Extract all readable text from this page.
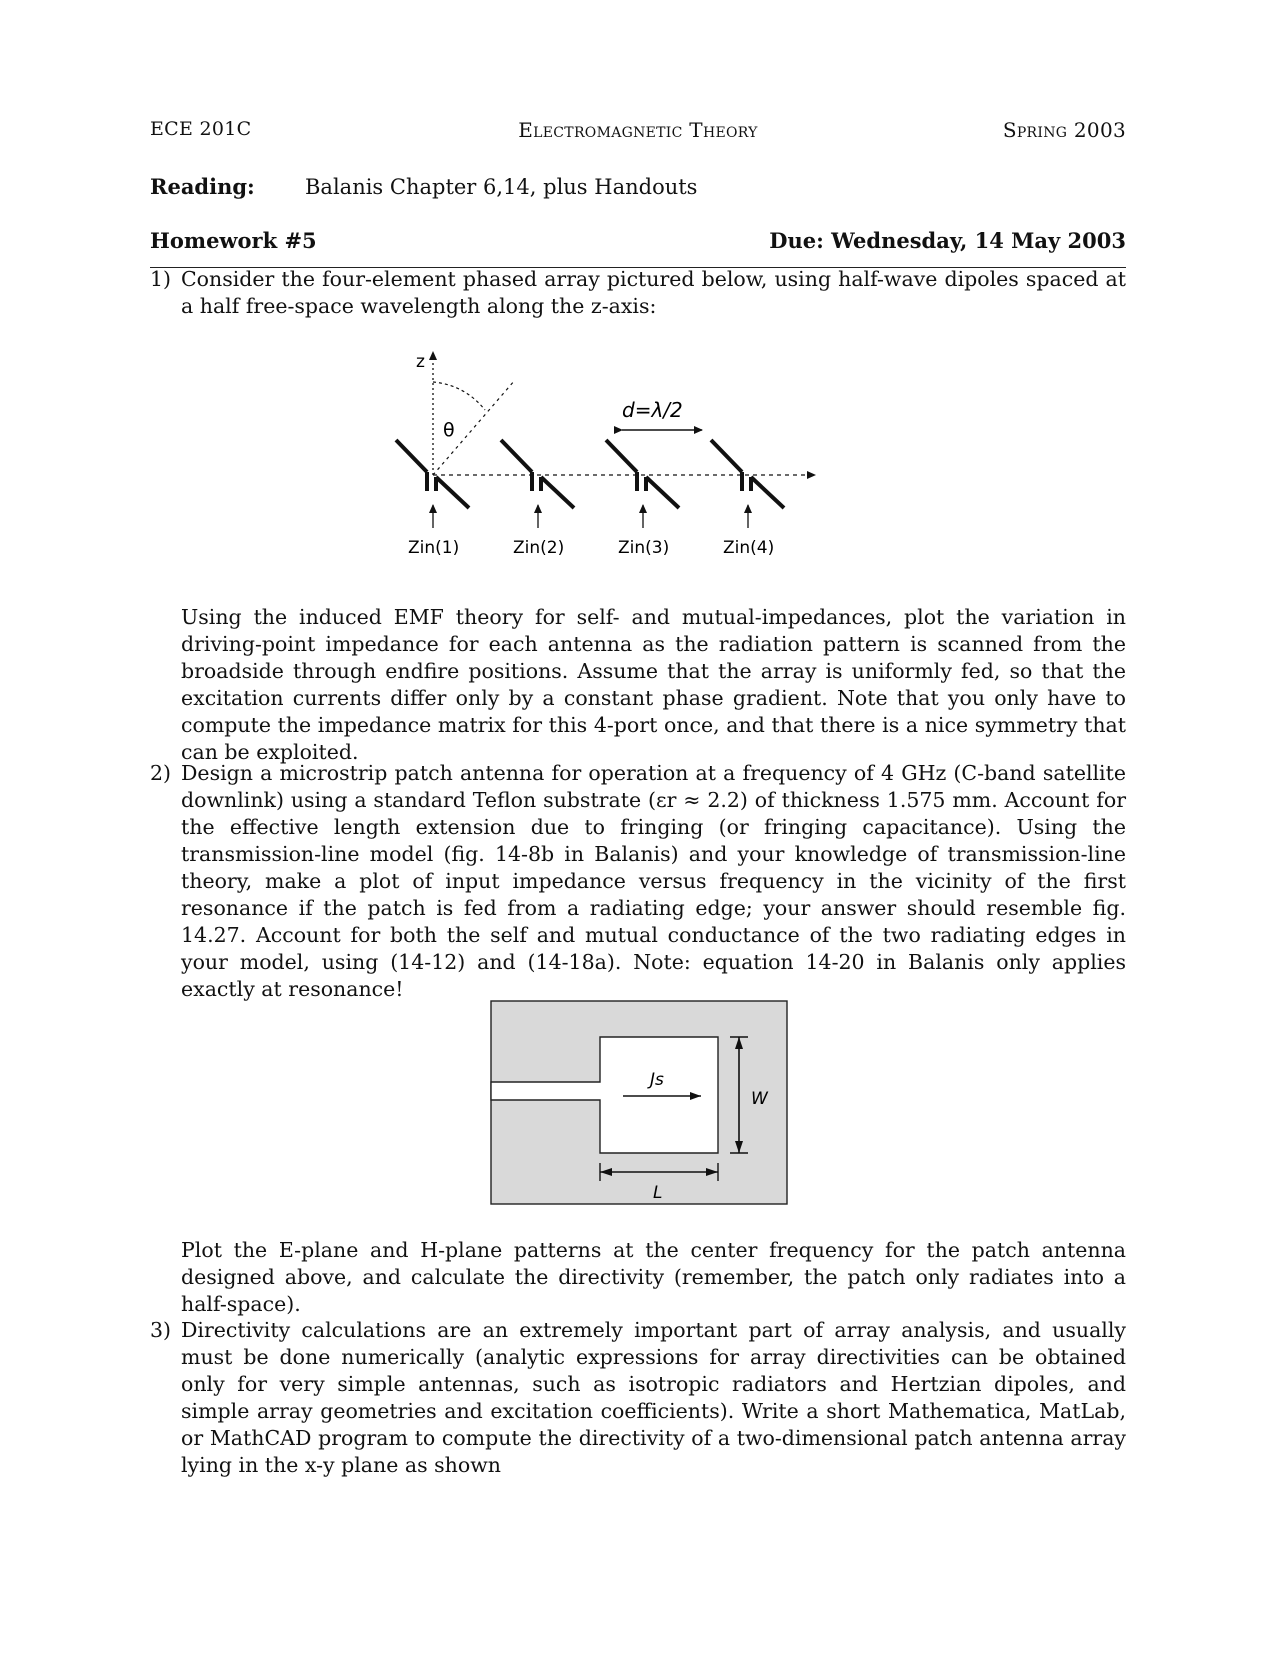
ECE 201C	Electromagnetic Theory	Spring 2003
Reading: Balanis Chapter 6,14, plus Handouts
Homework #5	Due: Wednesday, 14 May 2003
1) Consider the four-element phased array pictured below, using half-wave dipoles spaced at a half free-space wavelength along the z-axis:
z
θ
d=λ/2
Zin(1)	Zin(2)	Zin(3)	Zin(4)
Using the induced EMF theory for self- and mutual-impedances, plot the variation in driving-point impedance for each antenna as the radiation pattern is scanned from the broadside through endfire positions. Assume that the array is uniformly fed, so that the excitation currents differ only by a constant phase gradient. Note that you only have to compute the impedance matrix for this 4-port once, and that there is a nice symmetry that can be exploited.
2) Design a microstrip patch antenna for operation at a frequency of 4 GHz (C-band satellite downlink) using a standard Teflon substrate (εr ≈ 2.2) of thickness 1.575 mm. Account for the effective length extension due to fringing (or fringing capacitance). Using the transmission-line model (fig. 14-8b in Balanis) and your knowledge of transmission-line theory, make a plot of input impedance versus frequency in the vicinity of the first resonance if the patch is fed from a radiating edge; your answer should resemble fig. 14.27. Account for both the self and mutual conductance of the two radiating edges in your model, using (14-12) and (14-18a). Note: equation 14-20 in Balanis only applies exactly at resonance!
Js
W
L
Plot the E-plane and H-plane patterns at the center frequency for the patch antenna designed above, and calculate the directivity (remember, the patch only radiates into a half-space).
3) Directivity calculations are an extremely important part of array analysis, and usually must be done numerically (analytic expressions for array directivities can be obtained only for very simple antennas, such as isotropic radiators and Hertzian dipoles, and simple array geometries and excitation coefficients). Write a short Mathematica, MatLab, or MathCAD program to compute the directivity of a two-dimensional patch antenna array lying in the x-y plane as shown
